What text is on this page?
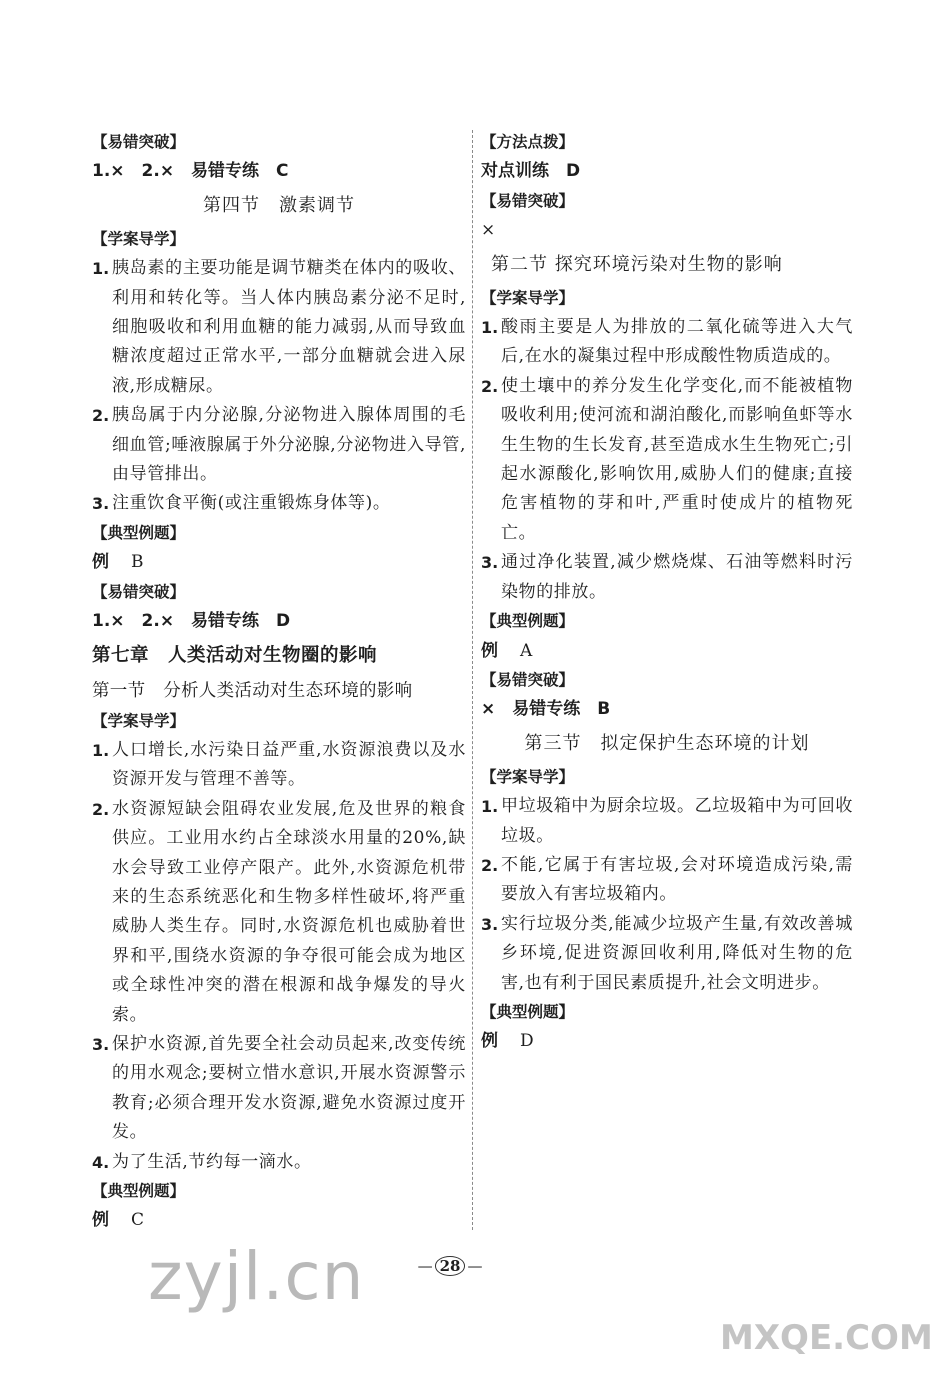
【易错突破】
1.×　2.×　易错专练　C
第四节　激素调节
【学案导学】
1. 胰岛素的主要功能是调节糖类在体内的吸收、利用和转化等。当人体内胰岛素分泌不足时,细胞吸收和利用血糖的能力减弱,从而导致血糖浓度超过正常水平,一部分血糖就会进入尿液,形成糖尿。
2. 胰岛属于内分泌腺,分泌物进入腺体周围的毛细血管;唾液腺属于外分泌腺,分泌物进入导管,由导管排出。
3. 注重饮食平衡(或注重锻炼身体等)。
【典型例题】
例 B
【易错突破】
1.×　2.×　易错专练　D
第七章　人类活动对生物圈的影响
第一节　分析人类活动对生态环境的影响
【学案导学】
1. 人口增长,水污染日益严重,水资源浪费以及水资源开发与管理不善等。
2. 水资源短缺会阻碍农业发展,危及世界的粮食供应。工业用水约占全球淡水用量的20%,缺水会导致工业停产限产。此外,水资源危机带来的生态系统恶化和生物多样性破坏,将严重威胁人类生存。同时,水资源危机也威胁着世界和平,围绕水资源的争夺很可能会成为地区或全球性冲突的潜在根源和战争爆发的导火索。
3. 保护水资源,首先要全社会动员起来,改变传统的用水观念;要树立惜水意识,开展水资源警示教育;必须合理开发水资源,避免水资源过度开发。
4. 为了生活,节约每一滴水。
【典型例题】
例 C
【方法点拨】
对点训练　D
【易错突破】
×
第二节 探究环境污染对生物的影响
【学案导学】
1. 酸雨主要是人为排放的二氧化硫等进入大气后,在水的凝集过程中形成酸性物质造成的。
2. 使土壤中的养分发生化学变化,而不能被植物吸收利用;使河流和湖泊酸化,而影响鱼虾等水生生物的生长发育,甚至造成水生生物死亡;引起水源酸化,影响饮用,威胁人们的健康;直接危害植物的芽和叶,严重时使成片的植物死亡。
3. 通过净化装置,减少燃烧煤、石油等燃料时污染物的排放。
【典型例题】
例 A
【易错突破】
×　易错专练　B
第三节　拟定保护生态环境的计划
【学案导学】
1. 甲垃圾箱中为厨余垃圾。乙垃圾箱中为可回收垃圾。
2. 不能,它属于有害垃圾,会对环境造成污染,需要放入有害垃圾箱内。
3. 实行垃圾分类,能减少垃圾产生量,有效改善城乡环境,促进资源回收利用,降低对生物的危害,也有利于国民素质提升,社会文明进步。
【典型例题】
例 D
— 28 —
zyjl.cn
MXQE.COM
